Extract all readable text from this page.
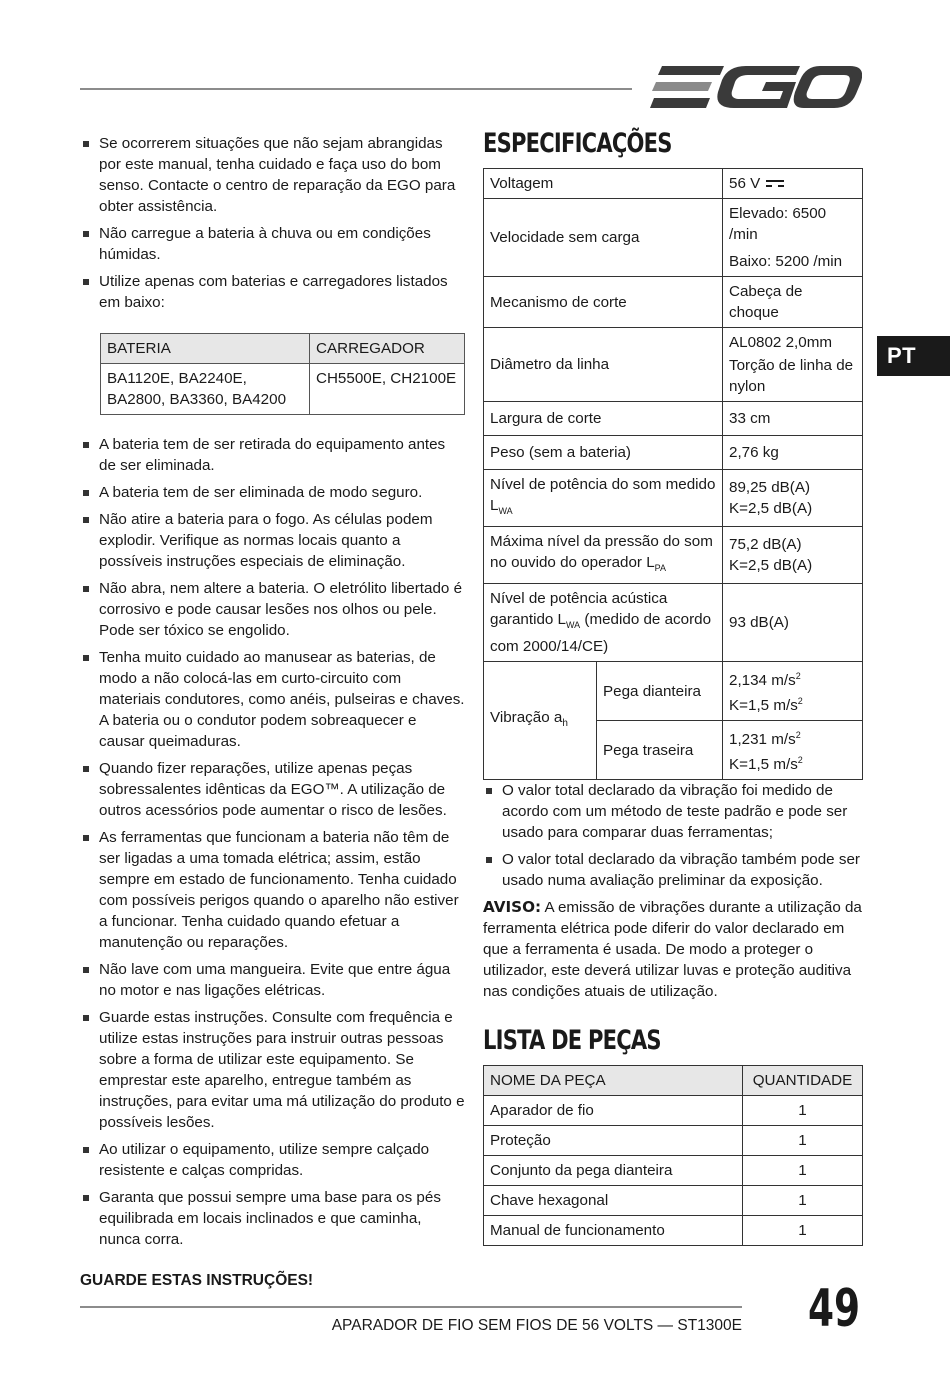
PT
Se ocorrerem situações que não sejam abrangidas por este manual, tenha cuidado e faça uso do bom senso. Contacte o centro de reparação da EGO para obter assistência.
Não carregue a bateria à chuva ou em condições húmidas.
Utilize apenas com baterias e carregadores listados em baixo:
BATERIA	CARREGADOR
BA1120E, BA2240E, BA2800, BA3360, BA4200	CH5500E, CH2100E
A bateria tem de ser retirada do equipamento antes de ser eliminada.
A bateria tem de ser eliminada de modo seguro.
Não atire a bateria para o fogo. As células podem explodir. Verifique as normas locais quanto a possíveis instruções especiais de eliminação.
Não abra, nem altere a bateria. O eletrólito libertado é corrosivo e pode causar lesões nos olhos ou pele. Pode ser tóxico se engolido.
Tenha muito cuidado ao manusear as baterias, de modo a não colocá-las em curto-circuito com materiais condutores, como anéis, pulseiras e chaves. A bateria ou o condutor podem sobreaquecer e causar queimaduras.
Quando fizer reparações, utilize apenas peças sobressalentes idênticas da EGO™. A utilização de outros acessórios pode aumentar o risco de lesões.
As ferramentas que funcionam a bateria não têm de ser ligadas a uma tomada elétrica; assim, estão sempre em estado de funcionamento. Tenha cuidado com possíveis perigos quando o aparelho não estiver a funcionar. Tenha cuidado quando efetuar a manutenção ou reparações.
Não lave com uma mangueira. Evite que entre água no motor e nas ligações elétricas.
Guarde estas instruções. Consulte com frequência e utilize estas instruções para instruir outras pessoas sobre a forma de utilizar este equipamento. Se emprestar este aparelho, entregue também as instruções, para evitar uma má utilização do produto e possíveis lesões.
Ao utilizar o equipamento, utilize sempre calçado resistente e calças compridas.
Garanta que possui sempre uma base para os pés equilibrada em locais inclinados e que caminha, nunca corra.
GUARDE ESTAS INSTRUÇÕES!
ESPECIFICAÇÕES
Voltagem		56 V
Velocidade sem carga		Elevado: 6500 /min
Baixo: 5200 /min

Mecanismo de corte		Cabeça de choque
Diâmetro da linha		AL0802 2,0mm
Torção de linha de nylon

Largura de corte		33 cm
Peso (sem a bateria)		2,76 kg
Nível de potência do som medido $L_{WA}$		89,25 dB(A)
K=2,5 dB(A)

Máxima nível da pressão do som no ouvido do operador $L_{PA}$		75,2 dB(A)
K=2,5 dB(A)

Nível de potência acústica garantido $L_{WA}$ (medido de acordo com 2000/14/CE)		93 dB(A)
Vibração $a_h$	Pega dianteira	2,134 $m/s^2$
K=1,5 $m/s^2$

	Pega traseira	1,231 $m/s^2$
K=1,5 $m/s^2$
O valor total declarado da vibração foi medido de acordo com um método de teste padrão e pode ser usado para comparar duas ferramentas;
O valor total declarado da vibração também pode ser usado numa avaliação preliminar da exposição.
AVISO: A emissão de vibrações durante a utilização da ferramenta elétrica pode diferir do valor declarado em que a ferramenta é usada. De modo a proteger o utilizador, este deverá utilizar luvas e proteção auditiva nas condições atuais de utilização.
LISTA DE PEÇAS
NOME DA PEÇA	QUANTIDADE
Aparador de fio	1
Proteção	1
Conjunto da pega dianteira	1
Chave hexagonal	1
Manual de funcionamento	1
APARADOR DE FIO SEM FIOS DE 56 VOLTS — ST1300E 49
